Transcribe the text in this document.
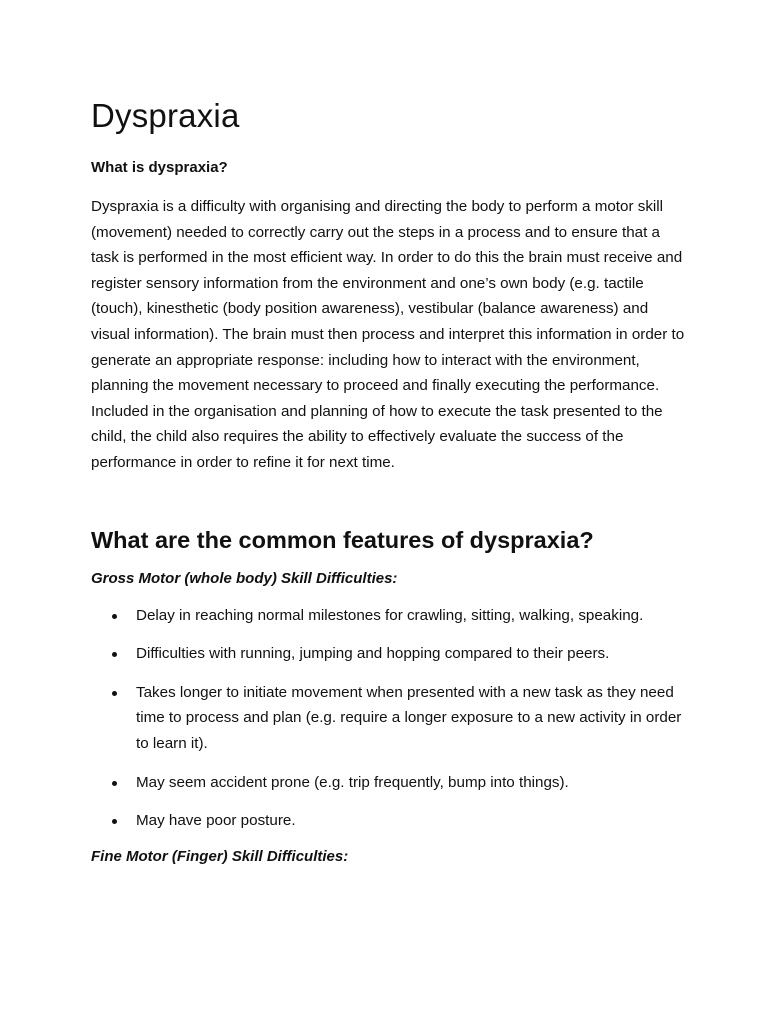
Dyspraxia
What is dyspraxia?

Dyspraxia is a difficulty with organising and directing the body to perform a motor skill (movement) needed to correctly carry out the steps in a process and to ensure that a task is performed in the most efficient way. In order to do this the brain must receive and register sensory information from the environment and one’s own body (e.g. tactile (touch), kinesthetic (body position awareness), vestibular (balance awareness) and visual information). The brain must then process and interpret this information in order to generate an appropriate response: including how to interact with the environment, planning the movement necessary to proceed and finally executing the performance. Included in the organisation and planning of how to execute the task presented to the child, the child also requires the ability to effectively evaluate the success of the performance in order to refine it for next time.

What are the common features of dyspraxia?
Gross Motor (whole body) Skill Difficulties:
Delay in reaching normal milestones for crawling, sitting, walking, speaking.
Difficulties with running, jumping and hopping compared to their peers.
Takes longer to initiate movement when presented with a new task as they need time to process and plan (e.g. require a longer exposure to a new activity in order to learn it).
May seem accident prone (e.g. trip frequently, bump into things).
May have poor posture.
Fine Motor (Finger) Skill Difficulties:
